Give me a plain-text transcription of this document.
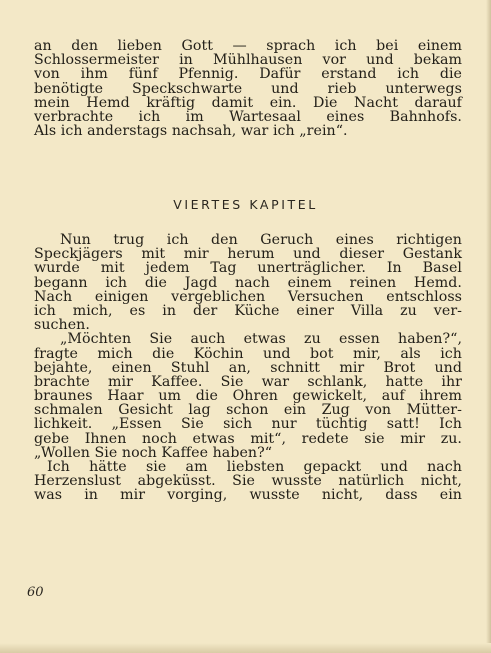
an den lieben Gott — sprach ich bei einem
Schlossermeister in Mühlhausen vor und bekam
von ihm fünf Pfennig. Dafür erstand ich die
benötigte Speckschwarte und rieb unterwegs
mein Hemd kräftig damit ein. Die Nacht darauf
verbrachte ich im Wartesaal eines Bahnhofs.
Als ich anderstags nachsah, war ich „rein“.
VIERTES KAPITEL
Nun trug ich den Geruch eines richtigen
Speckjägers mit mir herum und dieser Gestank
wurde mit jedem Tag unerträglicher. In Basel
begann ich die Jagd nach einem reinen Hemd.
Nach einigen vergeblichen Versuchen entschloss
ich mich, es in der Küche einer Villa zu ver-
suchen.
„Möchten Sie auch etwas zu essen haben?“,
fragte mich die Köchin und bot mir, als ich
bejahte, einen Stuhl an, schnitt mir Brot und
brachte mir Kaffee. Sie war schlank, hatte ihr
braunes Haar um die Ohren gewickelt, auf ihrem
schmalen Gesicht lag schon ein Zug von Mütter-
lichkeit. „Essen Sie sich nur tüchtig satt! Ich
gebe Ihnen noch etwas mit“, redete sie mir zu.
„Wollen Sie noch Kaffee haben?“
Ich hätte sie am liebsten gepackt und nach
Herzenslust abgeküsst. Sie wusste natürlich nicht,
was in mir vorging, wusste nicht, dass ein
60
